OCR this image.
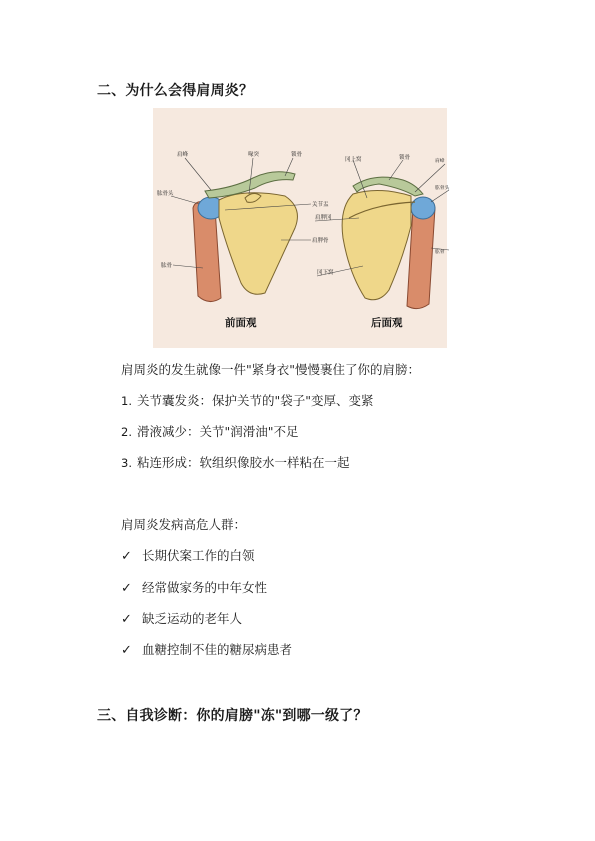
二、为什么会得肩周炎？
肩峰	喙突	锁骨
肱骨头
关节盂
肩胛骨
肱骨
冈上窝	锁骨
肩峰
肱骨头
肩胛冈
肱骨
冈下窝
前面观	后面观
肩周炎的发生就像一件"紧身衣"慢慢裹住了你的肩膀：
1. 关节囊发炎：保护关节的"袋子"变厚、变紧
2. 滑液减少：关节"润滑油"不足
3. 粘连形成：软组织像胶水一样粘在一起
肩周炎发病高危人群：
✓ 长期伏案工作的白领
✓ 经常做家务的中年女性
✓ 缺乏运动的老年人
✓ 血糖控制不佳的糖尿病患者
三、自我诊断：你的肩膀"冻"到哪一级了？
